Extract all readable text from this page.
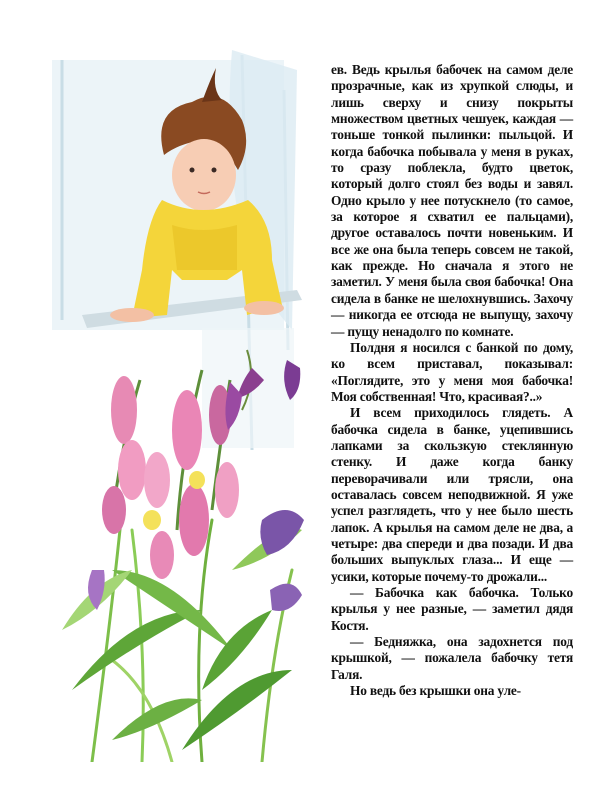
ев. Ведь крылья бабочек на самом деле прозрачные, как из хрупкой слюды, и лишь сверху и снизу покрыты множеством цветных чешуек, каждая — тоньше тонкой пылинки: пыльцой. И когда бабочка побывала у меня в руках, то сразу поблекла, будто цветок, который долго стоял без воды и завял. Одно крыло у нее потускнело (то самое, за которое я схватил ее пальцами), другое оставалось почти новеньким. И все же она была теперь совсем не такой, как прежде. Но сначала я этого не заметил. У меня была своя бабочка! Она сидела в банке не шелохнувшись. Захочу — никогда ее отсюда не выпущу, захочу — пущу ненадолго по комнате.

Полдня я носился с банкой по дому, ко всем приставал, показывал: «Поглядите, это у меня моя бабочка! Моя собственная! Что, красивая?..»

И всем приходилось глядеть. А бабочка сидела в банке, уцепившись лапками за скользкую стеклянную стенку. И даже когда банку переворачивали или трясли, она оставалась совсем неподвижной. Я уже успел разглядеть, что у нее было шесть лапок. А крылья на самом деле не два, а четыре: два спереди и два позади. И два больших выпуклых глаза... И еще — усики, которые почему-то дрожали...

— Бабочка как бабочка. Только крылья у нее разные, — заметил дядя Костя.

— Бедняжка, она задохнется под крышкой, — пожалела бабочку тетя Галя.

Но ведь без крышки она уле-
